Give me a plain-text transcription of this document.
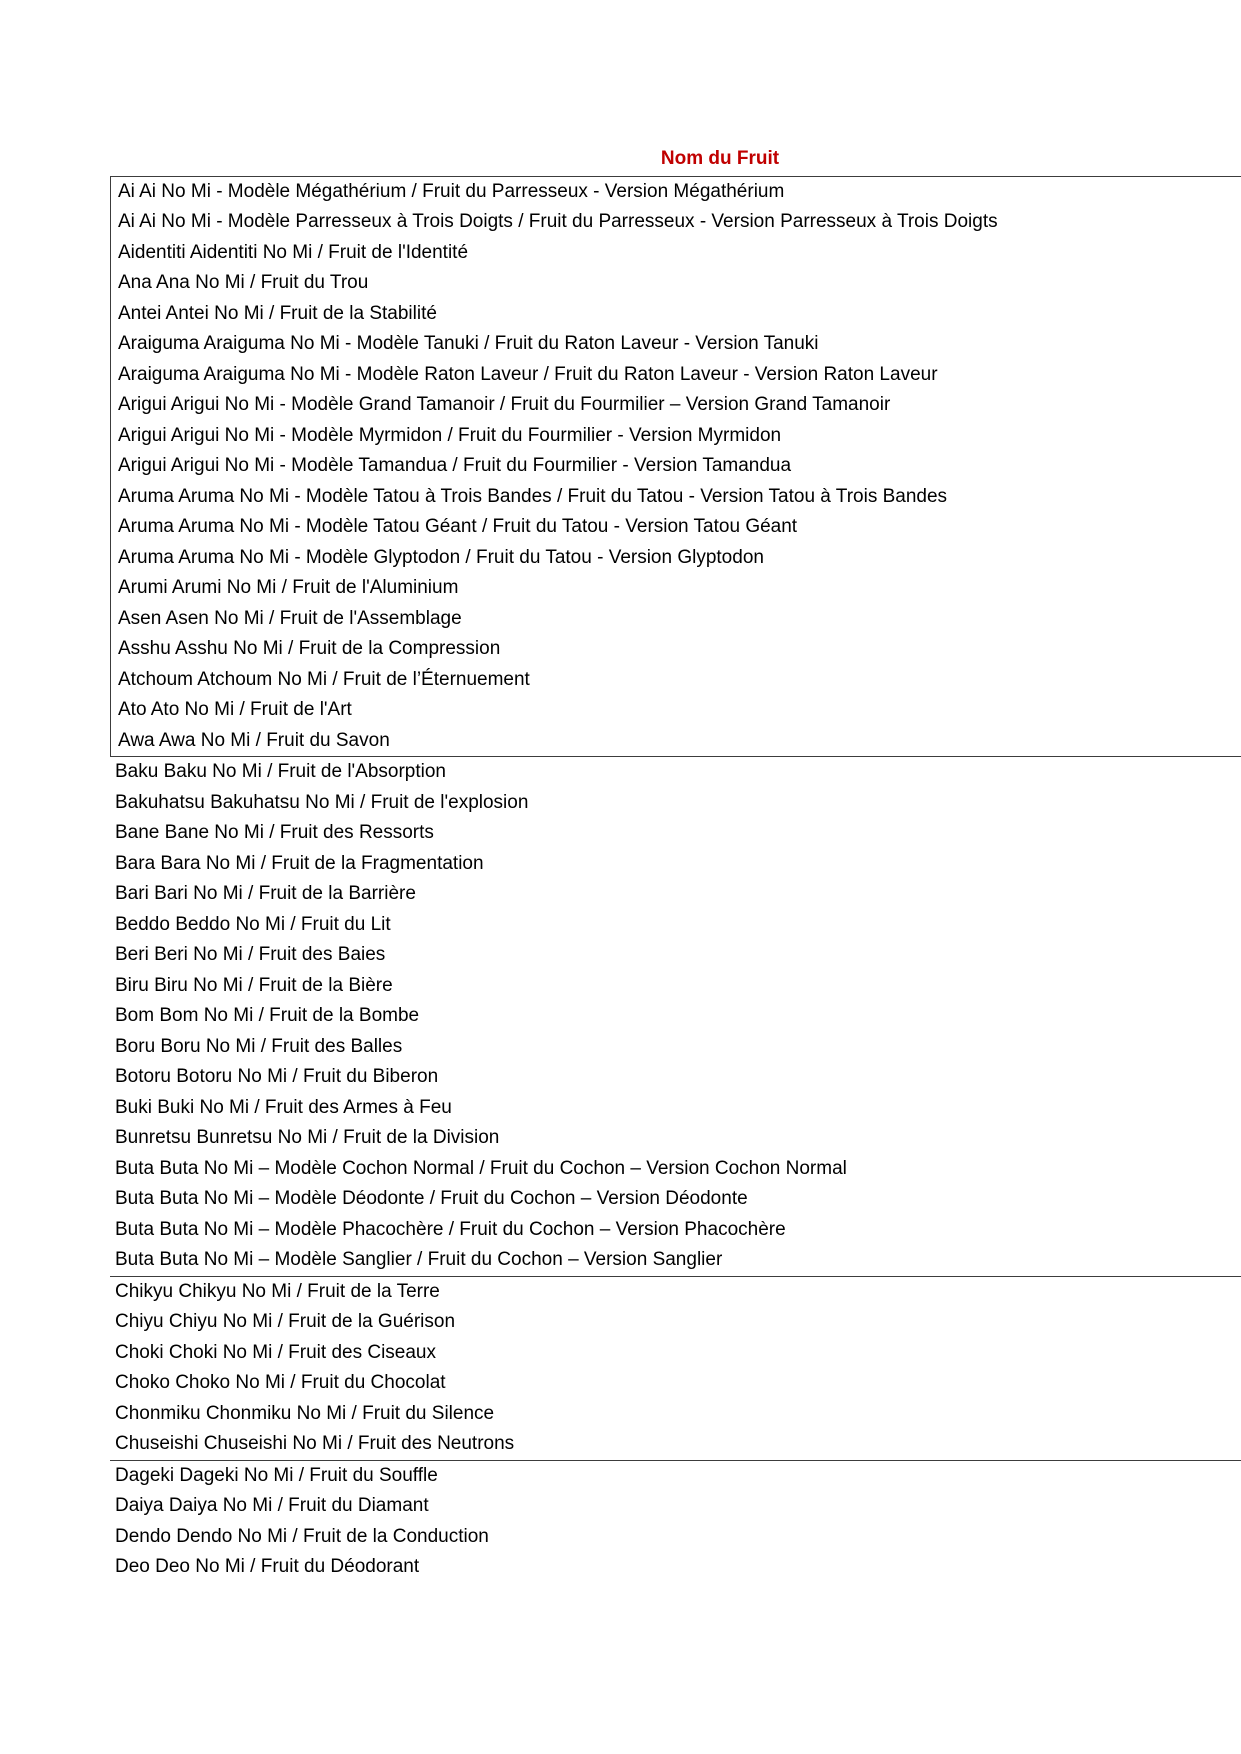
Nom du Fruit
Ai Ai No Mi - Modèle Mégathérium / Fruit du Parresseux - Version Mégathérium
Ai Ai No Mi - Modèle Parresseux à Trois Doigts / Fruit du Parresseux - Version Parresseux à Trois Doigts
Aidentiti Aidentiti No Mi / Fruit de l'Identité
Ana Ana No Mi / Fruit du Trou
Antei Antei No Mi / Fruit de la Stabilité
Araiguma Araiguma No Mi - Modèle Tanuki / Fruit du Raton Laveur - Version Tanuki
Araiguma Araiguma No Mi - Modèle Raton Laveur / Fruit du Raton Laveur - Version Raton Laveur
Arigui Arigui No Mi - Modèle Grand Tamanoir / Fruit du Fourmilier – Version Grand Tamanoir
Arigui Arigui No Mi - Modèle Myrmidon / Fruit du Fourmilier - Version Myrmidon
Arigui Arigui No Mi - Modèle Tamandua / Fruit du Fourmilier - Version Tamandua
Aruma Aruma No Mi - Modèle Tatou à Trois Bandes / Fruit du Tatou - Version Tatou à Trois Bandes
Aruma Aruma No Mi - Modèle Tatou Géant / Fruit du Tatou - Version Tatou Géant
Aruma Aruma No Mi - Modèle Glyptodon / Fruit du Tatou - Version Glyptodon
Arumi Arumi No Mi / Fruit de l'Aluminium
Asen Asen No Mi / Fruit de l'Assemblage
Asshu Asshu No Mi / Fruit de la Compression
Atchoum Atchoum No Mi / Fruit de l’Éternuement
Ato Ato No Mi / Fruit de l'Art
Awa Awa No Mi / Fruit du Savon
Baku Baku No Mi / Fruit de l'Absorption
Bakuhatsu Bakuhatsu No Mi / Fruit de l'explosion
Bane Bane No Mi / Fruit des Ressorts
Bara Bara No Mi / Fruit de la Fragmentation
Bari Bari No Mi / Fruit de la Barrière
Beddo Beddo No Mi / Fruit du Lit
Beri Beri No Mi / Fruit des Baies
Biru Biru No Mi / Fruit de la Bière
Bom Bom No Mi / Fruit de la Bombe
Boru Boru No Mi / Fruit des Balles
Botoru Botoru No Mi / Fruit du Biberon
Buki Buki No Mi / Fruit des Armes à Feu
Bunretsu Bunretsu No Mi / Fruit de la Division
Buta Buta No Mi – Modèle Cochon Normal / Fruit du Cochon – Version Cochon Normal
Buta Buta No Mi – Modèle Déodonte / Fruit du Cochon – Version Déodonte
Buta Buta No Mi – Modèle Phacochère / Fruit du Cochon – Version Phacochère
Buta Buta No Mi – Modèle Sanglier / Fruit du Cochon – Version Sanglier
Chikyu Chikyu No Mi / Fruit de la Terre
Chiyu Chiyu No Mi / Fruit de la Guérison
Choki Choki No Mi / Fruit des Ciseaux
Choko Choko No Mi / Fruit du Chocolat
Chonmiku Chonmiku No Mi / Fruit du Silence
Chuseishi Chuseishi No Mi / Fruit des Neutrons
Dageki Dageki No Mi / Fruit du Souffle
Daiya Daiya No Mi / Fruit du Diamant
Dendo Dendo No Mi / Fruit de la Conduction
Deo Deo No Mi / Fruit du Déodorant
